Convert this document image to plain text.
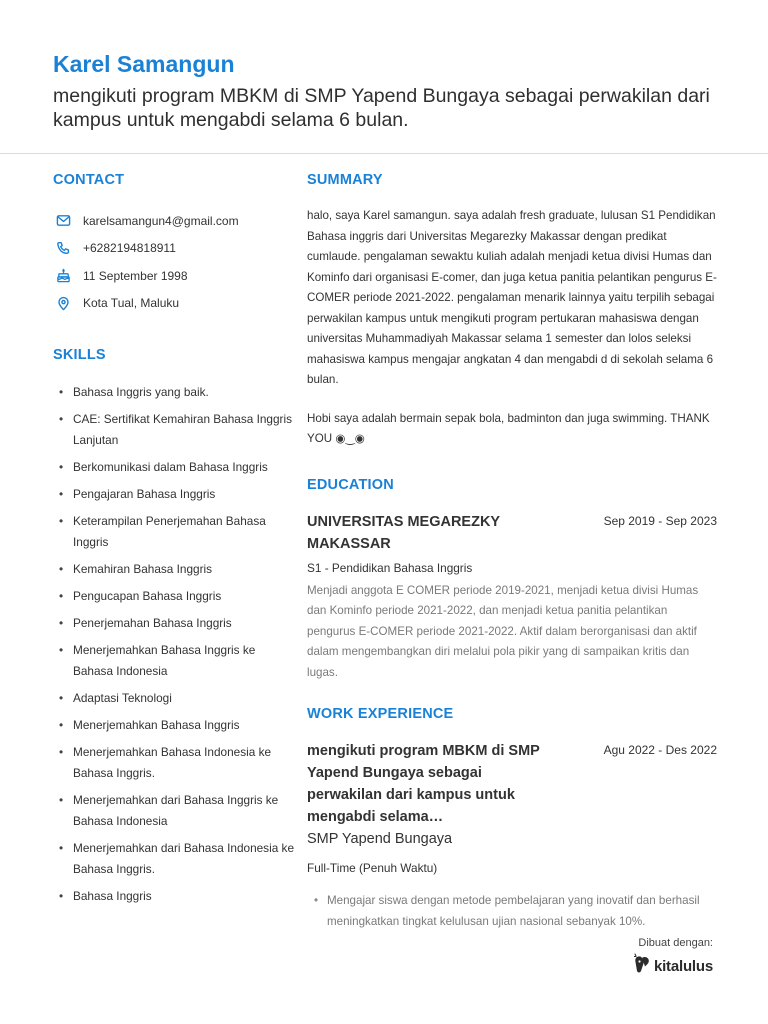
Karel Samangun
mengikuti program MBKM di SMP Yapend Bungaya sebagai perwakilan dari kampus untuk mengabdi selama 6 bulan.
CONTACT
karelsamangun4@gmail.com
+6282194818911
11 September 1998
Kota Tual, Maluku
SKILLS
• Bahasa Inggris yang baik.
• CAE: Sertifikat Kemahiran Bahasa Inggris Lanjutan
• Berkomunikasi dalam Bahasa Inggris
• Pengajaran Bahasa Inggris
• Keterampilan Penerjemahan Bahasa Inggris
• Kemahiran Bahasa Inggris
• Pengucapan Bahasa Inggris
• Penerjemahan Bahasa Inggris
• Menerjemahkan Bahasa Inggris ke Bahasa Indonesia
• Adaptasi Teknologi
• Menerjemahkan Bahasa Inggris
• Menerjemahkan Bahasa Indonesia ke Bahasa Inggris.
• Menerjemahkan dari Bahasa Inggris ke Bahasa Indonesia
• Menerjemahkan dari Bahasa Indonesia ke Bahasa Inggris.
• Bahasa Inggris
SUMMARY

halo, saya Karel samangun. saya adalah fresh graduate, lulusan S1 Pendidikan Bahasa inggris dari Universitas Megarezky Makassar dengan predikat cumlaude. pengalaman sewaktu kuliah adalah menjadi ketua divisi Humas dan Kominfo dari organisasi E-comer, dan juga ketua panitia pelantikan pengurus E-COMER periode 2021-2022. pengalaman menarik lainnya yaitu terpilih sebagai perwakilan kampus untuk mengikuti program pertukaran mahasiswa dengan universitas Muhammadiyah Makassar selama 1 semester dan lolos seleksi mahasiswa kampus mengajar angkatan 4 dan mengabdi d di sekolah selama 6 bulan.

Hobi saya adalah bermain sepak bola, badminton dan juga swimming. THANK YOU ◉‿◉

EDUCATION
UNIVERSITAS MEGAREZKY MAKASSAR
Sep 2019 - Sep 2023
S1 - Pendidikan Bahasa Inggris
Menjadi anggota E COMER periode 2019-2021, menjadi ketua divisi Humas dan Kominfo periode 2021-2022, dan menjadi ketua panitia pelantikan pengurus E-COMER periode 2021-2022. Aktif dalam berorganisasi dan aktif dalam mengembangkan diri melalui pola pikir yang di sampaikan kritis dan lugas.
WORK EXPERIENCE
mengikuti program MBKM di SMP Yapend Bungaya sebagai perwakilan dari kampus untuk mengabdi selama…
Agu 2022 - Des 2022
SMP Yapend Bungaya
Full-Time (Penuh Waktu)
• Mengajar siswa dengan metode pembelajaran yang inovatif dan berhasil meningkatkan tingkat kelulusan ujian nasional sebanyak 10%.
Dibuat dengan:
kitalulus
